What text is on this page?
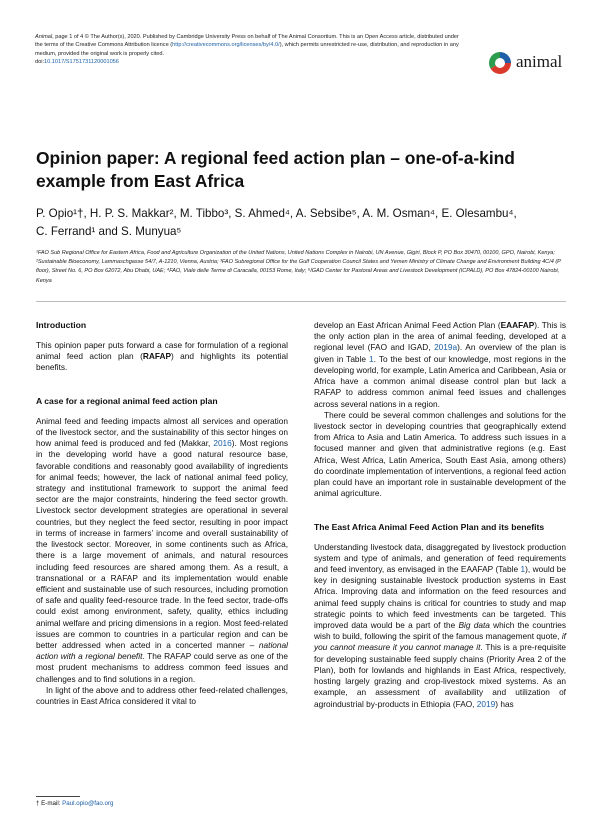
Animal, page 1 of 4 © The Author(s), 2020. Published by Cambridge University Press on behalf of The Animal Consortium. This is an Open Access article, distributed under the terms of the Creative Commons Attribution licence (http://creativecommons.org/licenses/by/4.0/), which permits unrestricted re-use, distribution, and reproduction in any medium, provided the original work is properly cited.
doi:10.1017/S1751731120001056	animal
Opinion paper: A regional feed action plan – one-of-a-kind example from East Africa
P. Opio¹†, H. P. S. Makkar², M. Tibbo³, S. Ahmed⁴, A. Sebsibe⁵, A. M. Osman⁴, E. Olesambu⁴,
C. Ferrand¹ and S. Munyua⁵
¹FAO Sub Regional Office for Eastern Africa, Food and Agriculture Organization of the United Nations, United Nations Complex in Nairobi, UN Avenue, Gigiri, Block P, PO Box 30470, 00100, GPO, Nairobi, Kenya; ²Sustainable Bioeconomy, Lammaschgasse 54/7, A-1210, Vienna, Austria; ³FAO Subregional Office for the Gulf Cooperation Council States and Yemen Ministry of Climate Change and Environment Building 4C/4 (P floor), Street No. 6, PO Box 62072, Abu Dhabi, UAE; ⁴FAO, Viale delle Terme di Caracalla, 00153 Rome, Italy; ⁵IGAD Center for Pastoral Areas and Livestock Development (ICPALD), PO Box 47824-00100 Nairobi, Kenya
Introduction

This opinion paper puts forward a case for formulation of a regional animal feed action plan (RAFAP) and highlights its potential benefits.

A case for a regional animal feed action plan

Animal feed and feeding impacts almost all services and operation of the livestock sector, and the sustainability of this sector hinges on how animal feed is produced and fed (Makkar, 2016). Most regions in the developing world have a good natural resource base, favorable conditions and reasonably good availability of ingredients for animal feeds; however, the lack of national animal feed policy, strategy and institutional framework to support the animal feed sector are the major constraints, hindering the feed sector growth. Livestock sector development strategies are operational in several countries, but they neglect the feed sector, resulting in poor impact in terms of increase in farmers’ income and overall sustainability of the livestock sector. Moreover, in some continents such as Africa, there is a large movement of animals, and natural resources including feed resources are shared among them. As a result, a transnational or a RAFAP and its implementation would enable efficient and sustainable use of such resources, including promotion of safe and quality feed-resource trade. In the feed sector, trade-offs could exist among environment, safety, quality, ethics including animal welfare and pricing dimensions in a region. Most feed-related issues are common to countries in a particular region and can be better addressed when acted in a concerted manner – national action with a regional benefit. The RAFAP could serve as one of the most prudent mechanisms to address common feed issues and challenges and to find solutions in a region.

In light of the above and to address other feed-related challenges, countries in East Africa considered it vital to

develop an East African Animal Feed Action Plan (EAAFAP). This is the only action plan in the area of animal feeding, developed at a regional level (FAO and IGAD, 2019a). An overview of the plan is given in Table 1. To the best of our knowledge, most regions in the developing world, for example, Latin America and Caribbean, Asia or Africa have a common animal disease control plan but lack a RAFAP to address common animal feed issues and challenges across several nations in a region.

There could be several common challenges and solutions for the livestock sector in developing countries that geographically extend from Africa to Asia and Latin America. To address such issues in a focused manner and given that administrative regions (e.g. East Africa, West Africa, Latin America, South East Asia, among others) do coordinate implementation of interventions, a regional feed action plan could have an important role in sustainable development of the animal agriculture.

The East Africa Animal Feed Action Plan and its benefits

Understanding livestock data, disaggregated by livestock production system and type of animals, and generation of feed requirements and feed inventory, as envisaged in the EAAFAP (Table 1), would be key in designing sustainable livestock production systems in East Africa. Improving data and information on the feed resources and animal feed supply chains is critical for countries to study and map strategic points to which feed investments can be targeted. This improved data would be a part of the Big data which the countries wish to build, following the spirit of the famous management quote, if you cannot measure it you cannot manage it. This is a pre-requisite for developing sustainable feed supply chains (Priority Area 2 of the Plan), both for lowlands and highlands in East Africa, respectively, hosting largely grazing and crop-livestock mixed systems. As an example, an assessment of availability and utilization of agroindustrial by-products in Ethiopia (FAO, 2019) has

† E-mail: Paul.opio@fao.org
